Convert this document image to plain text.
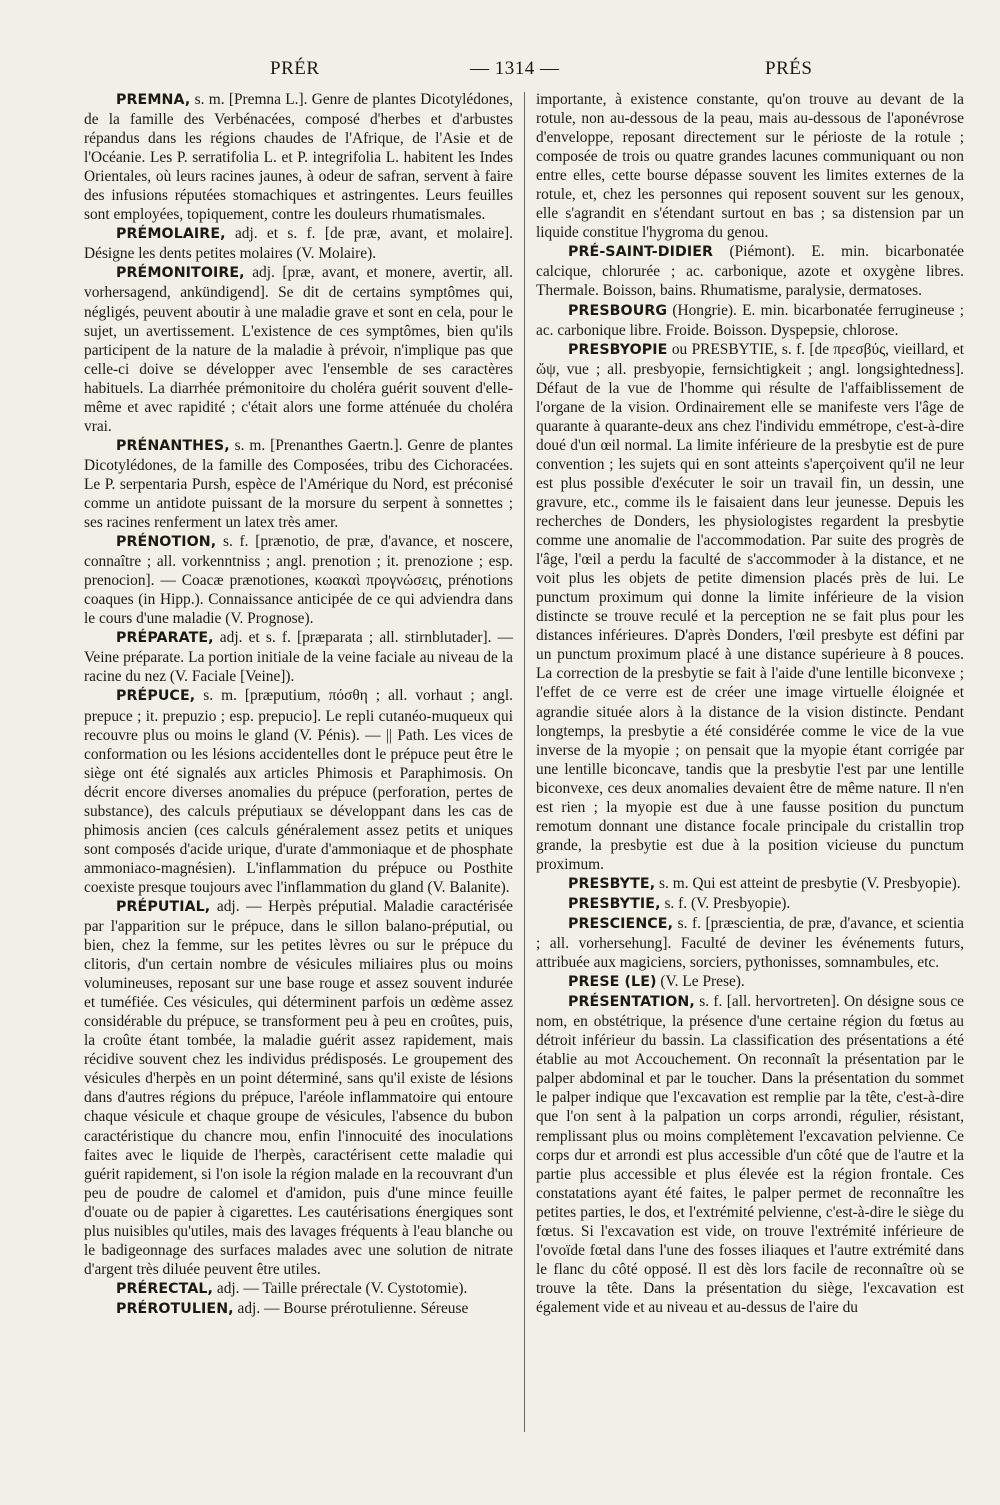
PRÉR	— 1314 —	PRÉS

PREMNA, s. m. [Premna L.]. Genre de plantes Dicotylédones, de la famille des Verbénacées, composé d'herbes et d'arbustes répandus dans les régions chaudes de l'Afrique, de l'Asie et de l'Océanie. Les P. serratifolia L. et P. integrifolia L. habitent les Indes Orientales, où leurs racines jaunes, à odeur de safran, servent à faire des infusions réputées stomachiques et astringentes. Leurs feuilles sont employées, topiquement, contre les douleurs rhumatismales.

PRÉMOLAIRE, adj. et s. f. [de præ, avant, et molaire]. Désigne les dents petites molaires (V. Molaire).

PRÉMONITOIRE, adj. [præ, avant, et monere, avertir, all. vorhersagend, ankündigend]. Se dit de certains symptômes qui, négligés, peuvent aboutir à une maladie grave et sont en cela, pour le sujet, un avertissement. L'existence de ces symptômes, bien qu'ils participent de la nature de la maladie à prévoir, n'implique pas que celle-ci doive se développer avec l'ensemble de ses caractères habituels. La diarrhée prémonitoire du choléra guérit souvent d'elle-même et avec rapidité ; c'était alors une forme atténuée du choléra vrai.

PRÉNANTHES, s. m. [Prenanthes Gaertn.]. Genre de plantes Dicotylédones, de la famille des Composées, tribu des Cichoracées. Le P. serpentaria Pursh, espèce de l'Amérique du Nord, est préconisé comme un antidote puissant de la morsure du serpent à sonnettes ; ses racines renferment un latex très amer.

PRÉNOTION, s. f. [prænotio, de præ, d'avance, et noscere, connaître ; all. vorkenntniss ; angl. prenotion ; it. prenozione ; esp. prenocion]. — Coacæ prænotiones, κωακαὶ προγνώσεις, prénotions coaques (in Hipp.). Connaissance anticipée de ce qui adviendra dans le cours d'une maladie (V. Prognose).

PRÉPARATE, adj. et s. f. [præparata ; all. stirnblutader]. — Veine préparate. La portion initiale de la veine faciale au niveau de la racine du nez (V. Faciale [Veine]).

PRÉPUCE, s. m. [præputium, πόσθη ; all. vorhaut ; angl. prepuce ; it. prepuzio ; esp. prepucio]. Le repli cutanéo-muqueux qui recouvre plus ou moins le gland (V. Pénis). — || Path. Les vices de conformation ou les lésions accidentelles dont le prépuce peut être le siège ont été signalés aux articles Phimosis et Paraphimosis. On décrit encore diverses anomalies du prépuce (perforation, pertes de substance), des calculs préputiaux se développant dans les cas de phimosis ancien (ces calculs généralement assez petits et uniques sont composés d'acide urique, d'urate d'ammoniaque et de phosphate ammoniaco-magnésien). L'inflammation du prépuce ou Posthite coexiste presque toujours avec l'inflammation du gland (V. Balanite).

PRÉPUTIAL, adj. — Herpès préputial. Maladie caractérisée par l'apparition sur le prépuce, dans le sillon balano-préputial, ou bien, chez la femme, sur les petites lèvres ou sur le prépuce du clitoris, d'un certain nombre de vésicules miliaires plus ou moins volumineuses, reposant sur une base rouge et assez souvent indurée et tuméfiée. Ces vésicules, qui déterminent parfois un œdème assez considérable du prépuce, se transforment peu à peu en croûtes, puis, la croûte étant tombée, la maladie guérit assez rapidement, mais récidive souvent chez les individus prédisposés. Le groupement des vésicules d'herpès en un point déterminé, sans qu'il existe de lésions dans d'autres régions du prépuce, l'aréole inflammatoire qui entoure chaque vésicule et chaque groupe de vésicules, l'absence du bubon caractéristique du chancre mou, enfin l'innocuité des inoculations faites avec le liquide de l'herpès, caractérisent cette maladie qui guérit rapidement, si l'on isole la région malade en la recouvrant d'un peu de poudre de calomel et d'amidon, puis d'une mince feuille d'ouate ou de papier à cigarettes. Les cautérisations énergiques sont plus nuisibles qu'utiles, mais des lavages fréquents à l'eau blanche ou le badigeonnage des surfaces malades avec une solution de nitrate d'argent très diluée peuvent être utiles.

PRÉRECTAL, adj. — Taille prérectale (V. Cystotomie).

PRÉROTULIEN, adj. — Bourse prérotulienne. Séreuse

importante, à existence constante, qu'on trouve au devant de la rotule, non au-dessous de la peau, mais au-dessous de l'aponévrose d'enveloppe, reposant directement sur le périoste de la rotule ; composée de trois ou quatre grandes lacunes communiquant ou non entre elles, cette bourse dépasse souvent les limites externes de la rotule, et, chez les personnes qui reposent souvent sur les genoux, elle s'agrandit en s'étendant surtout en bas ; sa distension par un liquide constitue l'hygroma du genou.

PRÉ-SAINT-DIDIER (Piémont). E. min. bicarbonatée calcique, chlorurée ; ac. carbonique, azote et oxygène libres. Thermale. Boisson, bains. Rhumatisme, paralysie, dermatoses.

PRESBOURG (Hongrie). E. min. bicarbonatée ferrugineuse ; ac. carbonique libre. Froide. Boisson. Dyspepsie, chlorose.

PRESBYOPIE ou PRESBYTIE, s. f. [de πρεσβύς, vieillard, et ὤψ, vue ; all. presbyopie, fernsichtigkeit ; angl. longsightedness]. Défaut de la vue de l'homme qui résulte de l'affaiblissement de l'organe de la vision. Ordinairement elle se manifeste vers l'âge de quarante à quarante-deux ans chez l'individu emmétrope, c'est-à-dire doué d'un œil normal. La limite inférieure de la presbytie est de pure convention ; les sujets qui en sont atteints s'aperçoivent qu'il ne leur est plus possible d'exécuter le soir un travail fin, un dessin, une gravure, etc., comme ils le faisaient dans leur jeunesse. Depuis les recherches de Donders, les physiologistes regardent la presbytie comme une anomalie de l'accommodation. Par suite des progrès de l'âge, l'œil a perdu la faculté de s'accommoder à la distance, et ne voit plus les objets de petite dimension placés près de lui. Le punctum proximum qui donne la limite inférieure de la vision distincte se trouve reculé et la perception ne se fait plus pour les distances inférieures. D'après Donders, l'œil presbyte est défini par un punctum proximum placé à une distance supérieure à 8 pouces. La correction de la presbytie se fait à l'aide d'une lentille biconvexe ; l'effet de ce verre est de créer une image virtuelle éloignée et agrandie située alors à la distance de la vision distincte. Pendant longtemps, la presbytie a été considérée comme le vice de la vue inverse de la myopie ; on pensait que la myopie étant corrigée par une lentille biconcave, tandis que la presbytie l'est par une lentille biconvexe, ces deux anomalies devaient être de même nature. Il n'en est rien ; la myopie est due à une fausse position du punctum remotum donnant une distance focale principale du cristallin trop grande, la presbytie est due à la position vicieuse du punctum proximum.

PRESBYTE, s. m. Qui est atteint de presbytie (V. Presbyopie).

PRESBYTIE, s. f. (V. Presbyopie).

PRESCIENCE, s. f. [præscientia, de præ, d'avance, et scientia ; all. vorhersehung]. Faculté de deviner les événements futurs, attribuée aux magiciens, sorciers, pythonisses, somnambules, etc.

PRESE (LE) (V. Le Prese).

PRÉSENTATION, s. f. [all. hervortreten]. On désigne sous ce nom, en obstétrique, la présence d'une certaine région du fœtus au détroit inférieur du bassin. La classification des présentations a été établie au mot Accouchement. On reconnaît la présentation par le palper abdominal et par le toucher. Dans la présentation du sommet le palper indique que l'excavation est remplie par la tête, c'est-à-dire que l'on sent à la palpation un corps arrondi, régulier, résistant, remplissant plus ou moins complètement l'excavation pelvienne. Ce corps dur et arrondi est plus accessible d'un côté que de l'autre et la partie plus accessible et plus élevée est la région frontale. Ces constatations ayant été faites, le palper permet de reconnaître les petites parties, le dos, et l'extrémité pelvienne, c'est-à-dire le siège du fœtus. Si l'excavation est vide, on trouve l'extrémité inférieure de l'ovoïde fœtal dans l'une des fosses iliaques et l'autre extrémité dans le flanc du côté opposé. Il est dès lors facile de reconnaître où se trouve la tête. Dans la présentation du siège, l'excavation est également vide et au niveau et au-dessus de l'aire du
